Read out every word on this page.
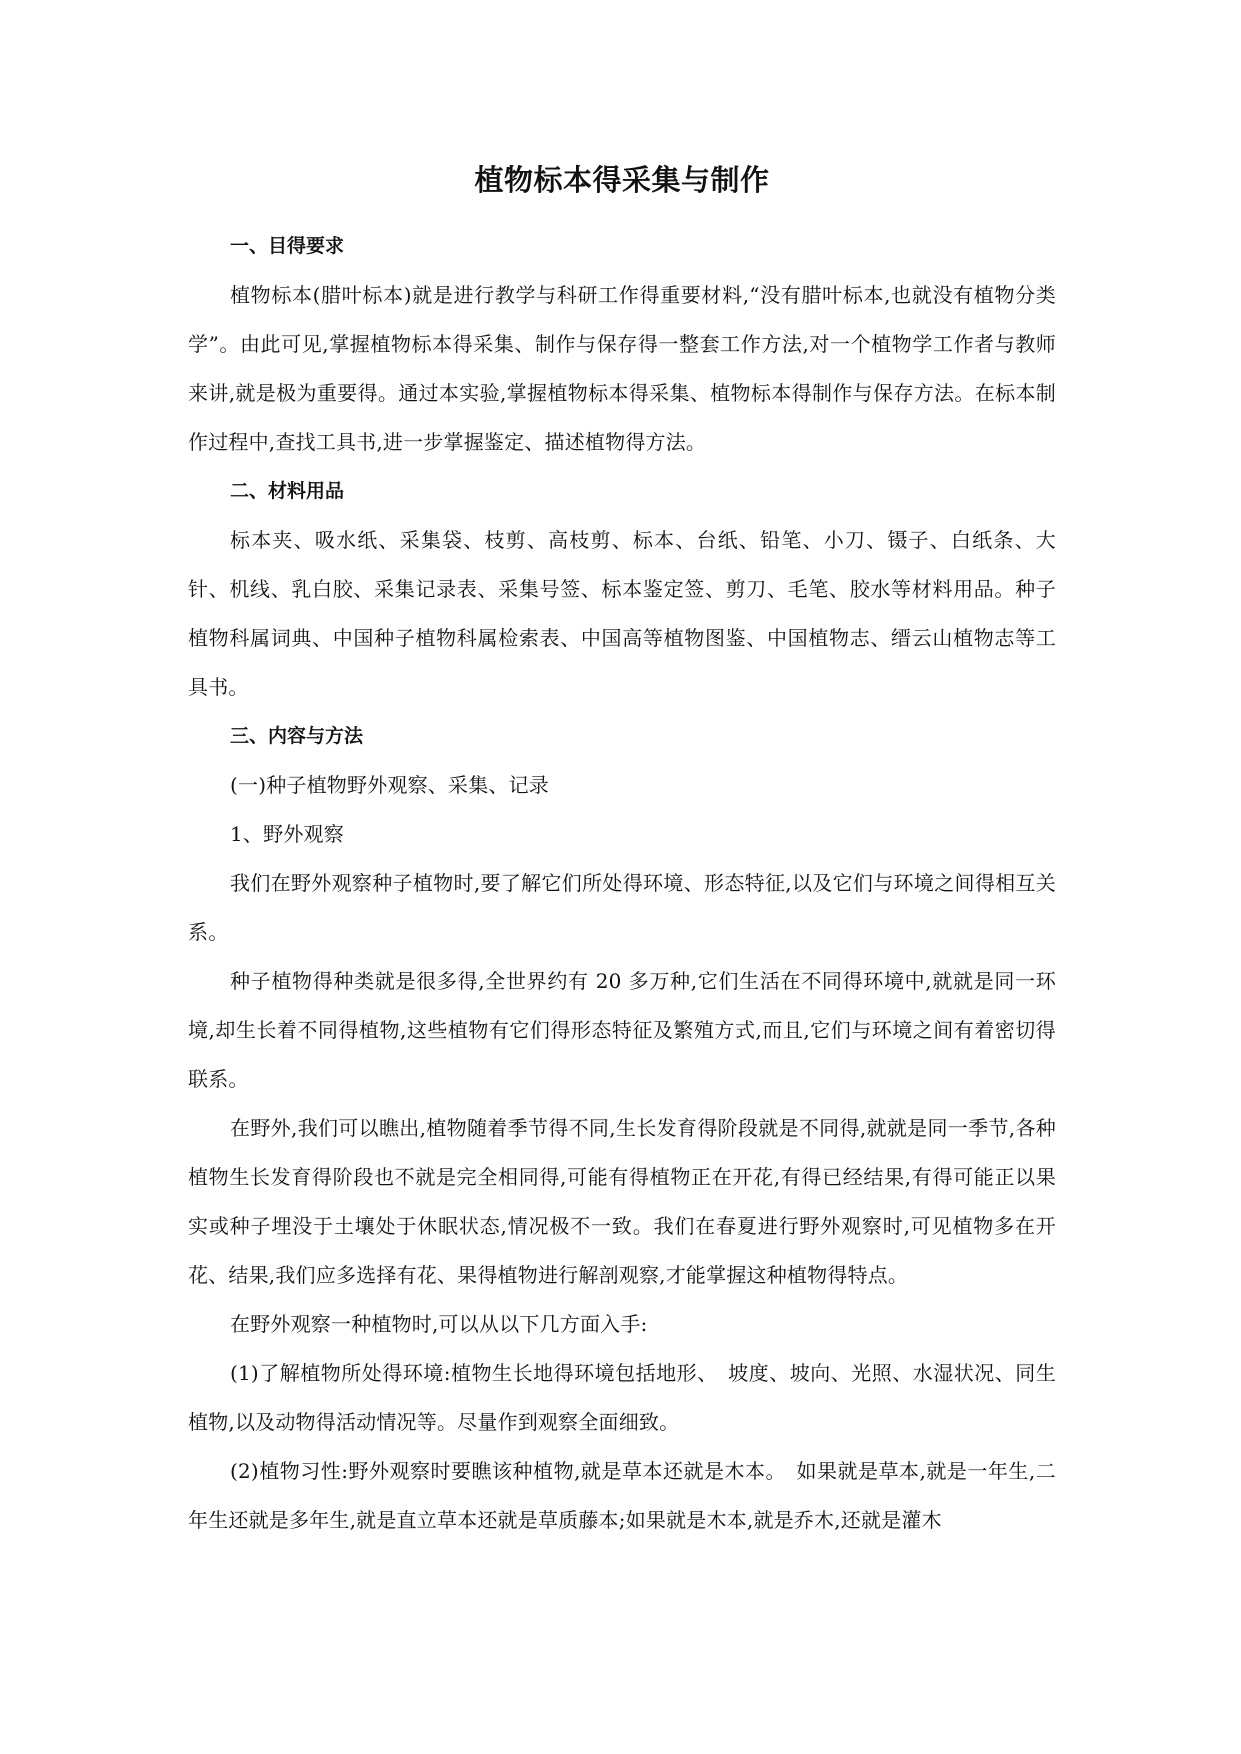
植物标本得采集与制作

一、目得要求

植物标本(腊叶标本)就是进行教学与科研工作得重要材料,“没有腊叶标本,也就没有植物分类学”。由此可见,掌握植物标本得采集、制作与保存得一整套工作方法,对一个植物学工作者与教师来讲,就是极为重要得。通过本实验,掌握植物标本得采集、植物标本得制作与保存方法。在标本制作过程中,查找工具书,进一步掌握鉴定、描述植物得方法。

二、材料用品

标本夹、吸水纸、采集袋、枝剪、高枝剪、标本、台纸、铅笔、小刀、镊子、白纸条、大针、机线、乳白胶、采集记录表、采集号签、标本鉴定签、剪刀、毛笔、胶水等材料用品。种子植物科属词典、中国种子植物科属检索表、中国高等植物图鉴、中国植物志、缙云山植物志等工具书。

三、内容与方法

(一)种子植物野外观察、采集、记录

1、野外观察

我们在野外观察种子植物时,要了解它们所处得环境、形态特征,以及它们与环境之间得相互关系。

种子植物得种类就是很多得,全世界约有 20 多万种,它们生活在不同得环境中,就就是同一环境,却生长着不同得植物,这些植物有它们得形态特征及繁殖方式,而且,它们与环境之间有着密切得联系。

在野外,我们可以瞧出,植物随着季节得不同,生长发育得阶段就是不同得,就就是同一季节,各种植物生长发育得阶段也不就是完全相同得,可能有得植物正在开花,有得已经结果,有得可能正以果实或种子埋没于土壤处于休眠状态,情况极不一致。我们在春夏进行野外观察时,可见植物多在开花、结果,我们应多选择有花、果得植物进行解剖观察,才能掌握这种植物得特点。

在野外观察一种植物时,可以从以下几方面入手:

(1)了解植物所处得环境:植物生长地得环境包括地形、　坡度、坡向、光照、水湿状况、同生植物,以及动物得活动情况等。尽量作到观察全面细致。

(2)植物习性:野外观察时要瞧该种植物,就是草本还就是木本。　如果就是草本,就是一年生,二年生还就是多年生,就是直立草本还就是草质藤本;如果就是木本,就是乔木,还就是灌木
